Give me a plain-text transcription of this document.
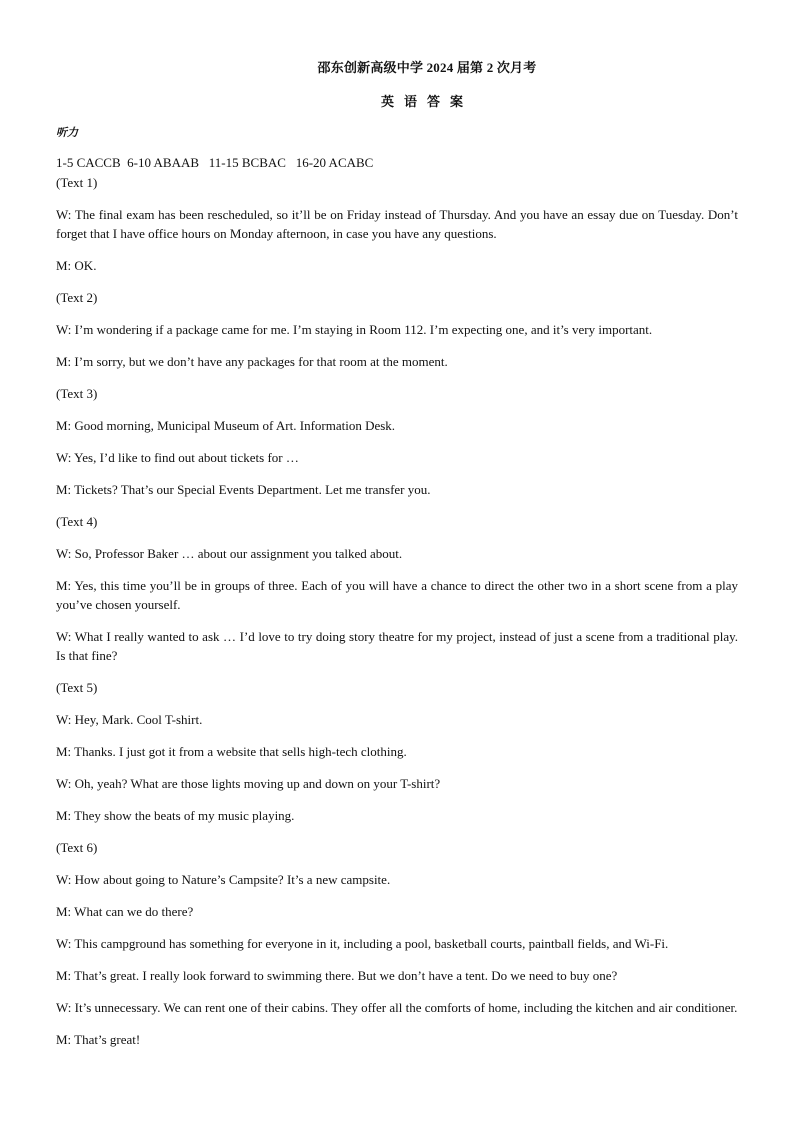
邵东创新高级中学 2024 届第 2 次月考
英语答案
听力
1-5 CACCB  6-10 ABAAB   11-15 BCBAC   16-20 ACABC

(Text 1)

W: The final exam has been rescheduled, so it’ll be on Friday instead of Thursday. And you have an essay due on Tuesday. Don’t forget that I have office hours on Monday afternoon, in case you have any questions.

M: OK.

(Text 2)

W: I’m wondering if a package came for me. I’m staying in Room 112. I’m expecting one, and it’s very important.

M: I’m sorry, but we don’t have any packages for that room at the moment.

(Text 3)

M: Good morning, Municipal Museum of Art. Information Desk.

W: Yes, I’d like to find out about tickets for …

M: Tickets? That’s our Special Events Department. Let me transfer you.

(Text 4)

W: So, Professor Baker … about our assignment you talked about.

M: Yes, this time you’ll be in groups of three. Each of you will have a chance to direct the other two in a short scene from a play you’ve chosen yourself.

W: What I really wanted to ask … I’d love to try doing story theatre for my project, instead of just a scene from a traditional play. Is that fine?

(Text 5)

W: Hey, Mark. Cool T-shirt.

M: Thanks. I just got it from a website that sells high-tech clothing.

W: Oh, yeah? What are those lights moving up and down on your T-shirt?

M: They show the beats of my music playing.

(Text 6)

W: How about going to Nature’s Campsite? It’s a new campsite.

M: What can we do there?

W: This campground has something for everyone in it, including a pool, basketball courts, paintball fields, and Wi-Fi.

M: That’s great. I really look forward to swimming there. But we don’t have a tent. Do we need to buy one?

W: It’s unnecessary. We can rent one of their cabins. They offer all the comforts of home, including the kitchen and air conditioner.

M: That’s great!
